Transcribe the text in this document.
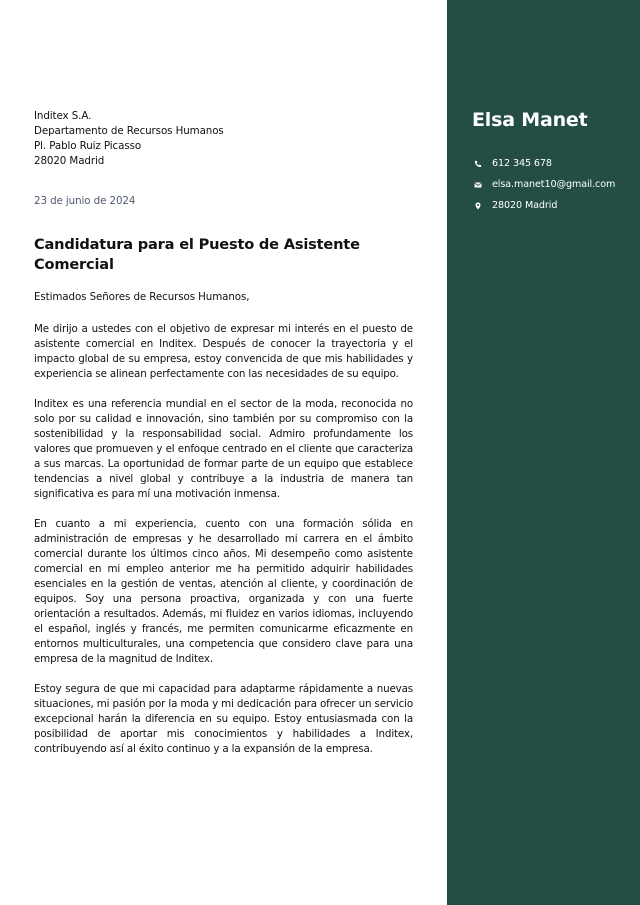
Inditex S.A.
Departamento de Recursos Humanos
Pl. Pablo Ruiz Picasso
28020 Madrid
23 de junio de 2024
Candidatura para el Puesto de Asistente Comercial
Estimados Señores de Recursos Humanos,

Me dirijo a ustedes con el objetivo de expresar mi interés en el puesto de asistente comercial en Inditex. Después de conocer la trayectoria y el impacto global de su empresa, estoy convencida de que mis habilidades y experiencia se alinean perfectamente con las necesidades de su equipo.

Inditex es una referencia mundial en el sector de la moda, reconocida no solo por su calidad e innovación, sino también por su compromiso con la sostenibilidad y la responsabilidad social. Admiro profundamente los valores que promueven y el enfoque centrado en el cliente que caracteriza a sus marcas. La oportunidad de formar parte de un equipo que establece tendencias a nivel global y contribuye a la industria de manera tan significativa es para mí una motivación inmensa.

En cuanto a mi experiencia, cuento con una formación sólida en administración de empresas y he desarrollado mi carrera en el ámbito comercial durante los últimos cinco años. Mi desempeño como asistente comercial en mi empleo anterior me ha permitido adquirir habilidades esenciales en la gestión de ventas, atención al cliente, y coordinación de equipos. Soy una persona proactiva, organizada y con una fuerte orientación a resultados. Además, mi fluidez en varios idiomas, incluyendo el español, inglés y francés, me permiten comunicarme eficazmente en entornos multiculturales, una competencia que considero clave para una empresa de la magnitud de Inditex.

Estoy segura de que mi capacidad para adaptarme rápidamente a nuevas situaciones, mi pasión por la moda y mi dedicación para ofrecer un servicio excepcional harán la diferencia en su equipo. Estoy entusiasmada con la posibilidad de aportar mis conocimientos y habilidades a Inditex, contribuyendo así al éxito continuo y a la expansión de la empresa.

Elsa Manet
612 345 678
elsa.manet10@gmail.com
28020 Madrid
